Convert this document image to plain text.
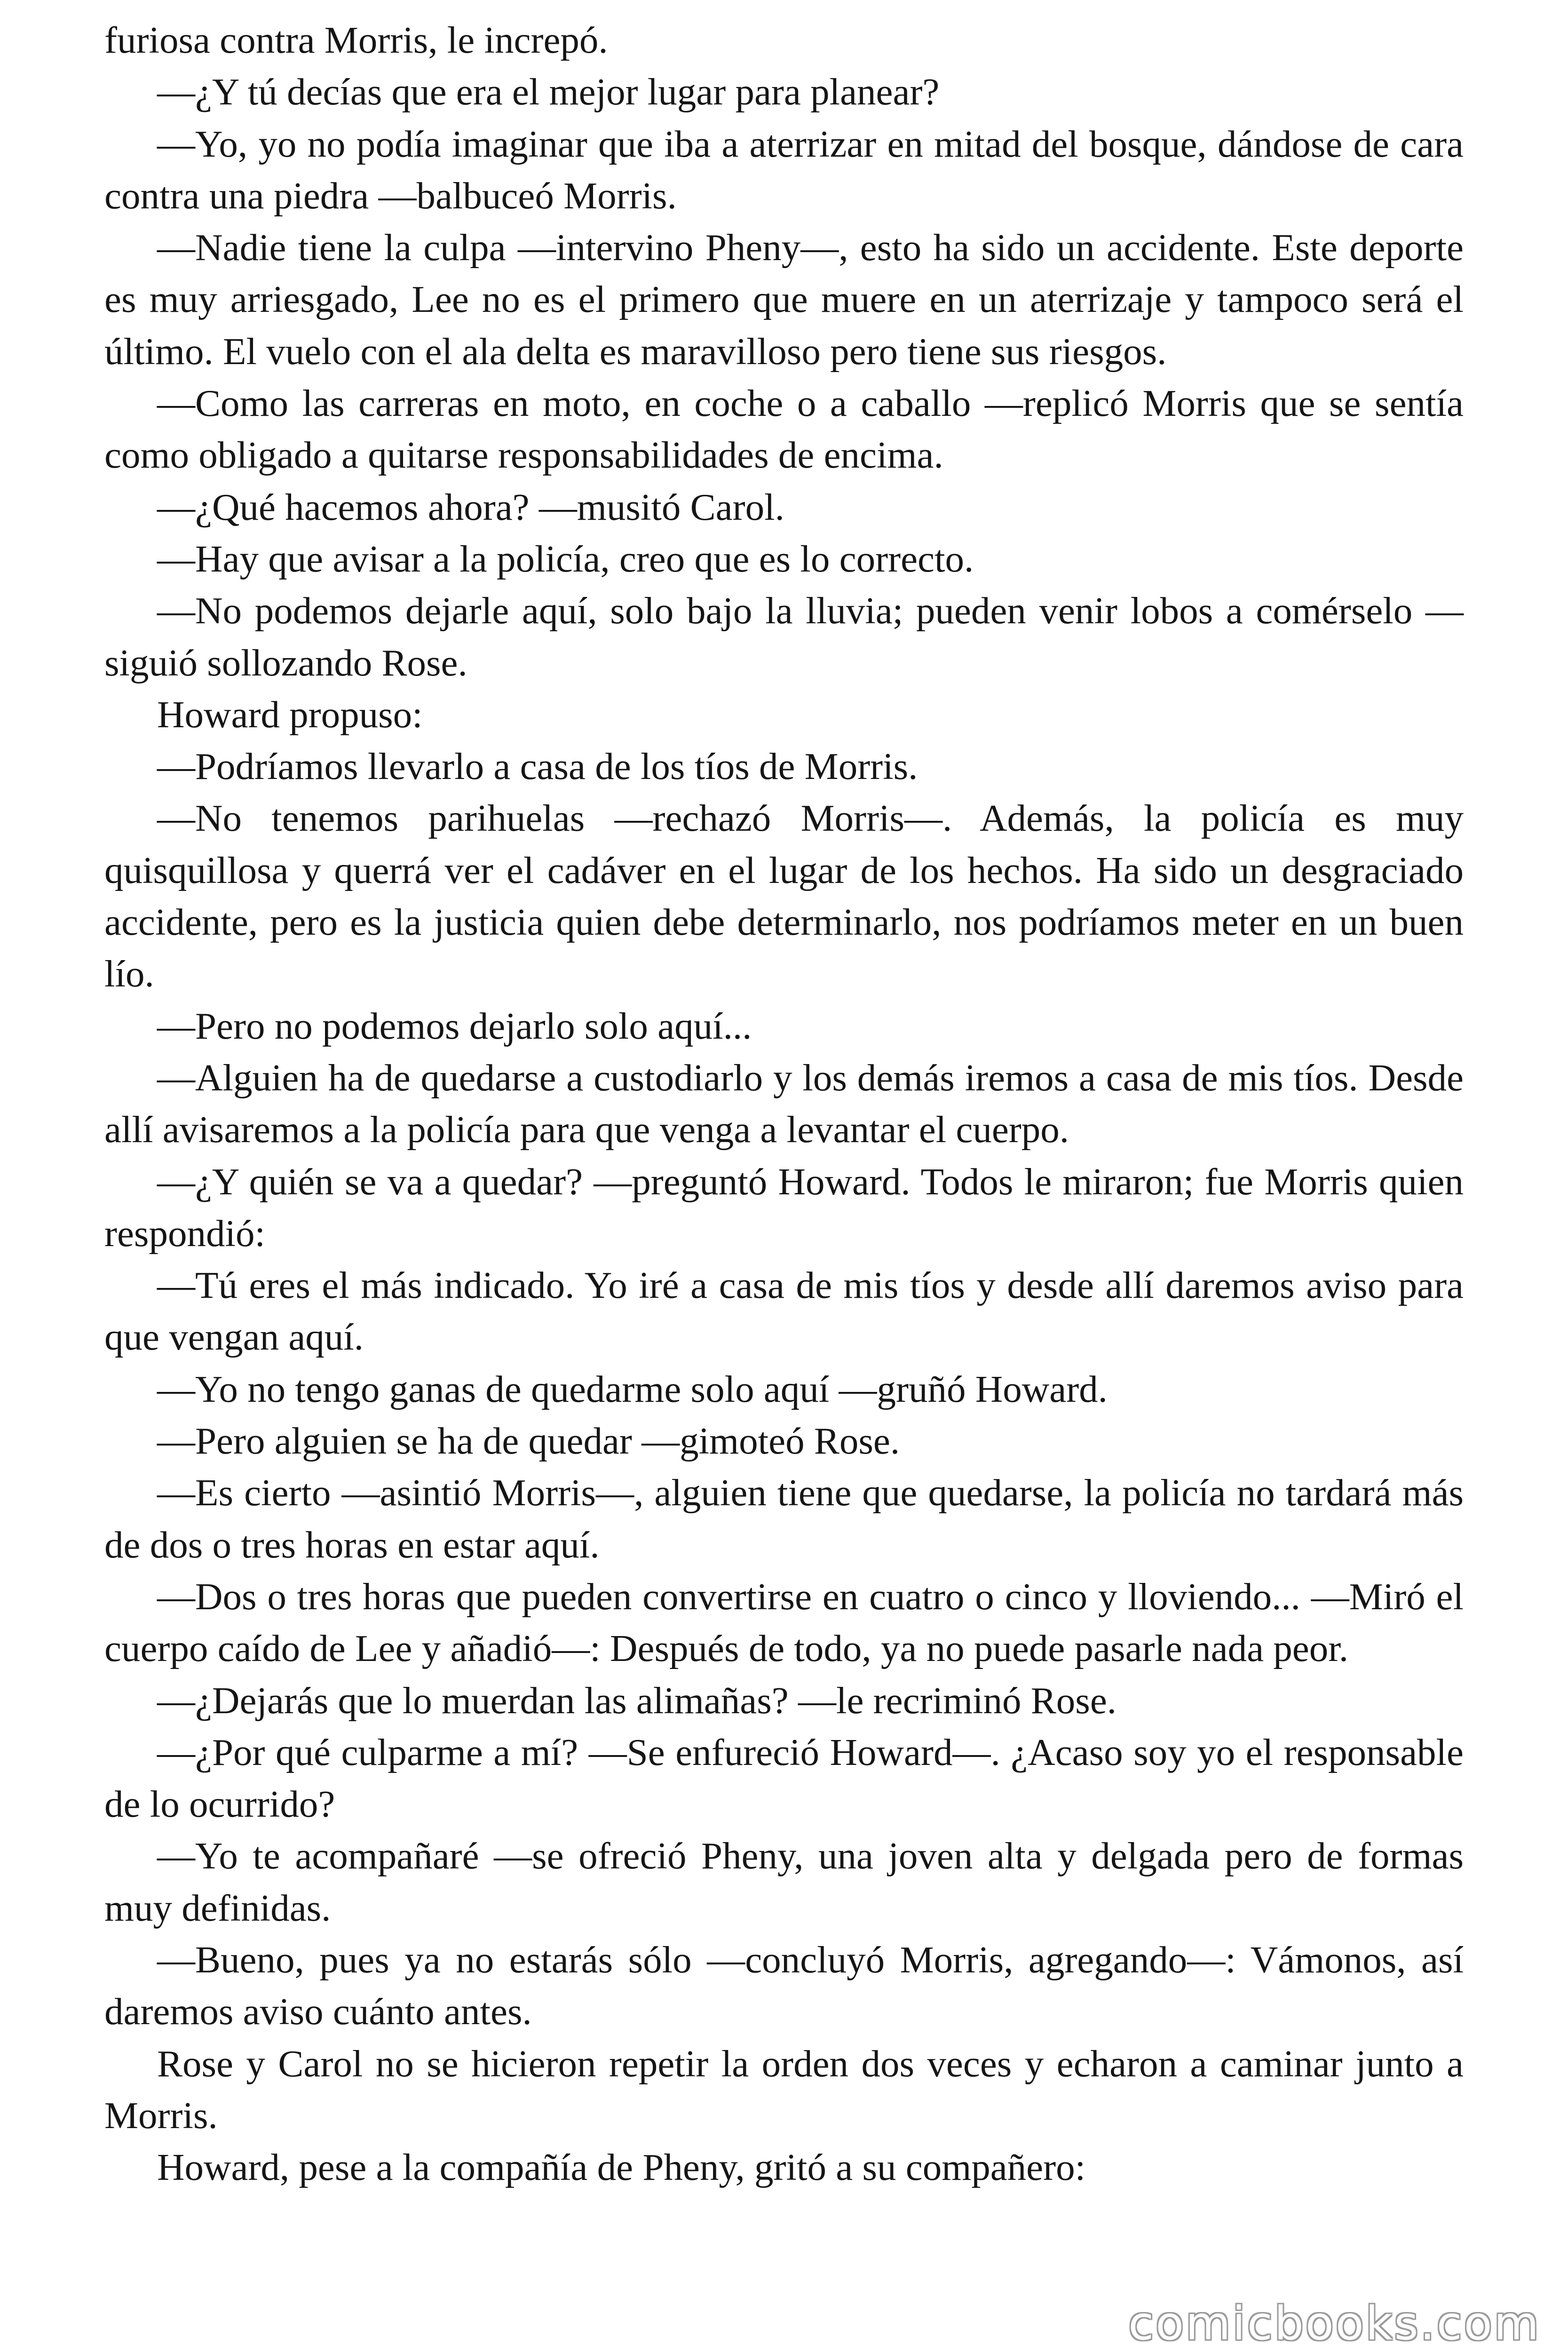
furiosa contra Morris, le increpó.

—¿Y tú decías que era el mejor lugar para planear?

—Yo, yo no podía imaginar que iba a aterrizar en mitad del bosque, dándose de cara contra una piedra —balbuceó Morris.

—Nadie tiene la culpa —intervino Pheny—, esto ha sido un accidente. Este deporte es muy arriesgado, Lee no es el primero que muere en un aterrizaje y tampoco será el último. El vuelo con el ala delta es maravilloso pero tiene sus riesgos.

—Como las carreras en moto, en coche o a caballo —replicó Morris que se sentía como obligado a quitarse responsabilidades de encima.

—¿Qué hacemos ahora? —musitó Carol.

—Hay que avisar a la policía, creo que es lo correcto.

—No podemos dejarle aquí, solo bajo la lluvia; pueden venir lobos a comérselo —siguió sollozando Rose.

Howard propuso:

—Podríamos llevarlo a casa de los tíos de Morris.

—No tenemos parihuelas —rechazó Morris—. Además, la policía es muy quisquillosa y querrá ver el cadáver en el lugar de los hechos. Ha sido un desgraciado accidente, pero es la justicia quien debe determinarlo, nos podríamos meter en un buen lío.

—Pero no podemos dejarlo solo aquí...

—Alguien ha de quedarse a custodiarlo y los demás iremos a casa de mis tíos. Desde allí avisaremos a la policía para que venga a levantar el cuerpo.

—¿Y quién se va a quedar? —preguntó Howard. Todos le miraron; fue Morris quien respondió:

—Tú eres el más indicado. Yo iré a casa de mis tíos y desde allí daremos aviso para que vengan aquí.

—Yo no tengo ganas de quedarme solo aquí —gruñó Howard.

—Pero alguien se ha de quedar —gimoteó Rose.

—Es cierto —asintió Morris—, alguien tiene que quedarse, la policía no tardará más de dos o tres horas en estar aquí.

—Dos o tres horas que pueden convertirse en cuatro o cinco y lloviendo... —Miró el cuerpo caído de Lee y añadió—: Después de todo, ya no puede pasarle nada peor.

—¿Dejarás que lo muerdan las alimañas? —le recriminó Rose.

—¿Por qué culparme a mí? —Se enfureció Howard—. ¿Acaso soy yo el responsable de lo ocurrido?

—Yo te acompañaré —se ofreció Pheny, una joven alta y delgada pero de formas muy definidas.

—Bueno, pues ya no estarás sólo —concluyó Morris, agregando—: Vámonos, así daremos aviso cuánto antes.

Rose y Carol no se hicieron repetir la orden dos veces y echaron a caminar junto a Morris.

Howard, pese a la compañía de Pheny, gritó a su compañero:

comicbooks.com
